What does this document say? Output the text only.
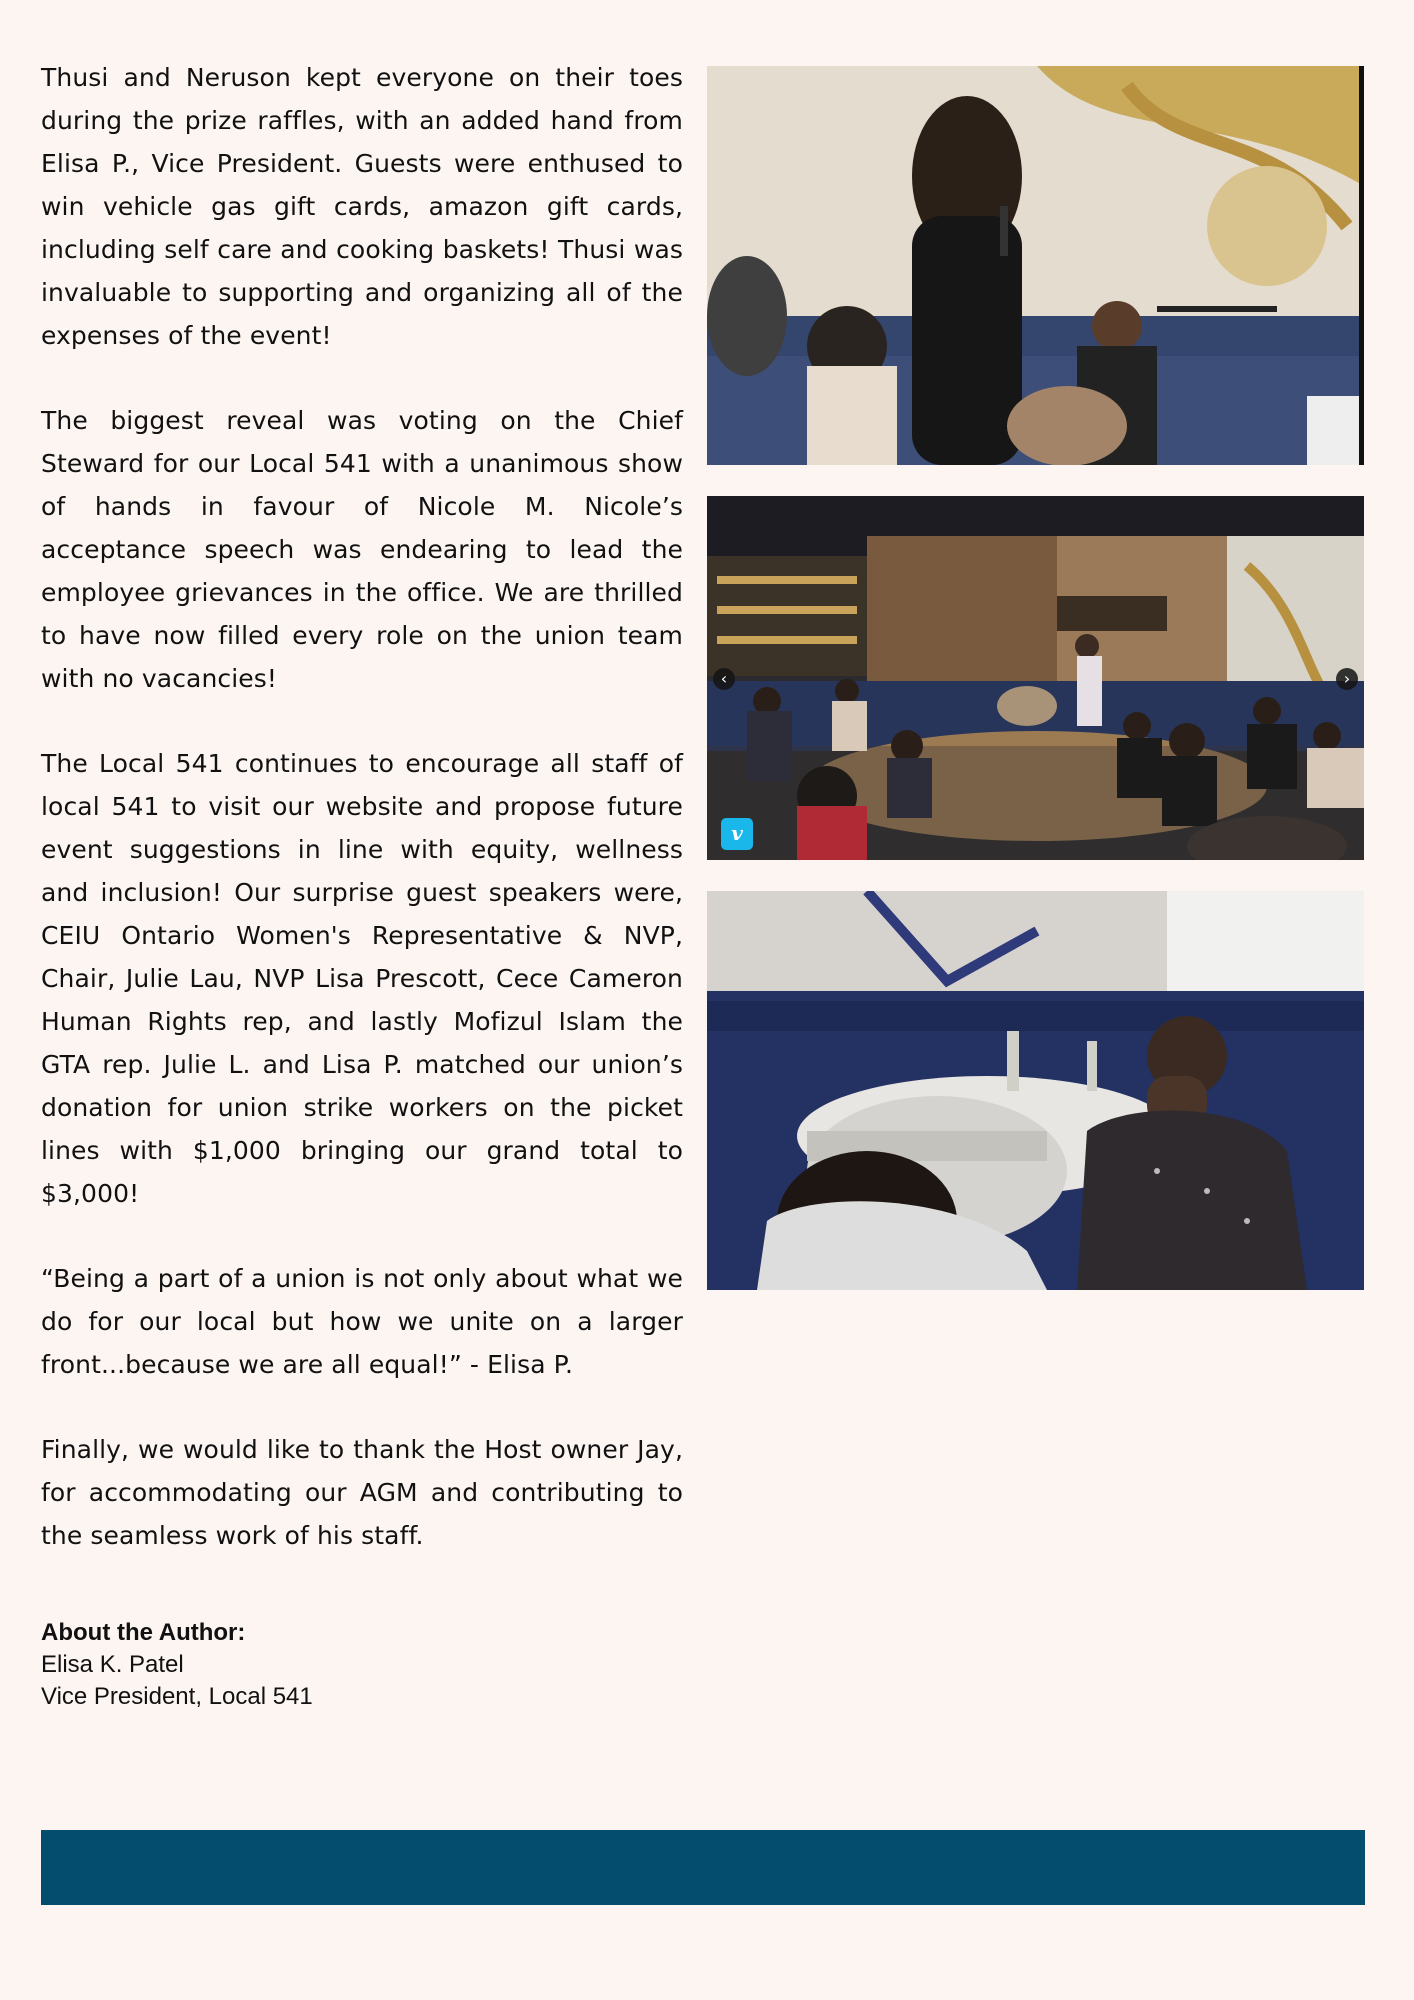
Thusi and Neruson kept everyone on their toes during the prize raffles, with an added hand from Elisa P., Vice President. Guests were enthused to win vehicle gas gift cards, amazon gift cards, including self care and cooking baskets! Thusi was invaluable to supporting and organizing all of the expenses of the event!

The biggest reveal was voting on the Chief Steward for our Local 541 with a unanimous show of hands in favour of Nicole M. Nicole’s acceptance speech was endearing to lead the employee grievances in the office. We are thrilled to have now filled every role on the union team with no vacancies!

The Local 541 continues to encourage all staff of local 541 to visit our website and propose future event suggestions in line with equity, wellness and inclusion! Our surprise guest speakers were, CEIU Ontario Women's Representative & NVP, Chair, Julie Lau, NVP Lisa Prescott, Cece Cameron Human Rights rep, and lastly Mofizul Islam the GTA rep. Julie L. and Lisa P. matched our union’s donation for union strike workers on the picket lines with $1,000 bringing our grand total to $3,000!

“Being a part of a union is not only about what we do for our local but how we unite on a larger front...because we are all equal!” - Elisa P.

Finally, we would like to thank the Host owner Jay, for accommodating our AGM and contributing to the seamless work of his staff.

About the Author:
Elisa K. Patel
Vice President, Local 541
‹	›
v
